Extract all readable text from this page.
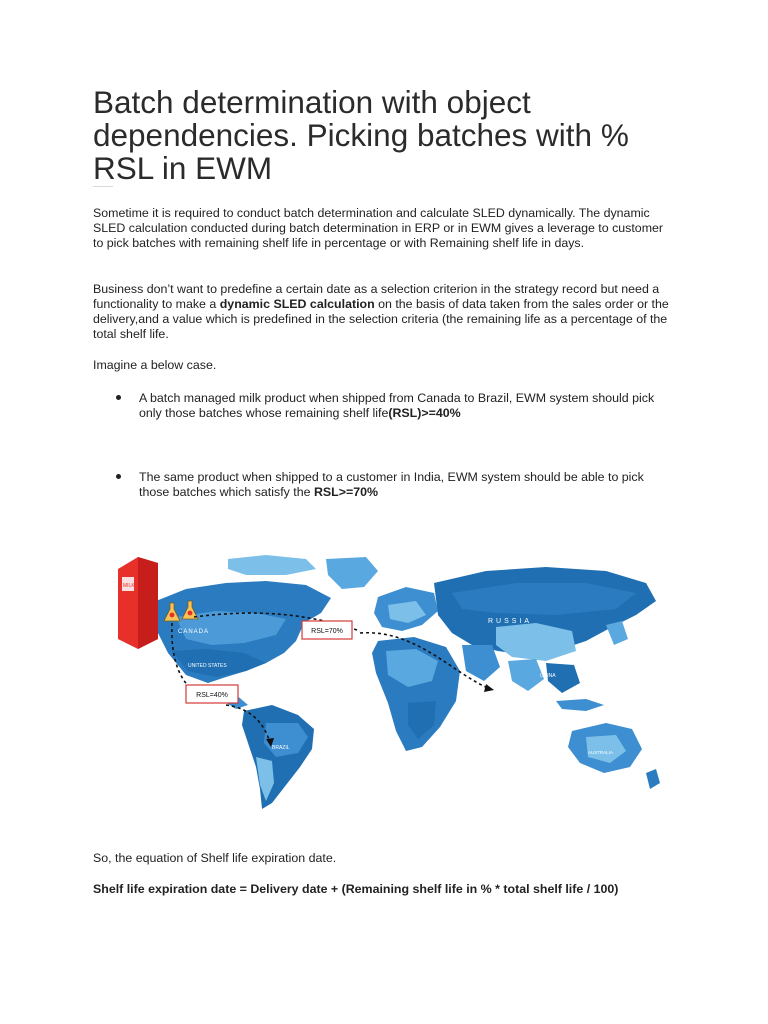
Batch determination with object dependencies. Picking batches with % RSL in EWM

Sometime it is required to conduct batch determination and calculate SLED dynamically. The dynamic SLED calculation conducted during batch determination in ERP or in EWM gives a leverage to customer to pick batches with remaining shelf life in percentage or with Remaining shelf life in days.

Business don’t want to predefine a certain date as a selection criterion in the strategy record but need a functionality to make a dynamic SLED calculation on the basis of data taken from the sales order or the delivery,and a value which is predefined in the selection criteria (the remaining life as a percentage of the total shelf life.

Imagine a below case.

A batch managed milk product when shipped from Canada to Brazil, EWM system should pick only those batches whose remaining shelf life(RSL)>=40%
The same product when shipped to a customer in India, EWM system should be able to pick those batches which satisfy the RSL>=70%
CANADA
UNITED STATES
BRAZIL
RUSSIA
CHINA
AUSTRALIA
MILK
RSL=70%
RSL=40%

So, the equation of Shelf life expiration date.

Shelf life expiration date = Delivery date + (Remaining shelf life in % * total shelf life / 100)
